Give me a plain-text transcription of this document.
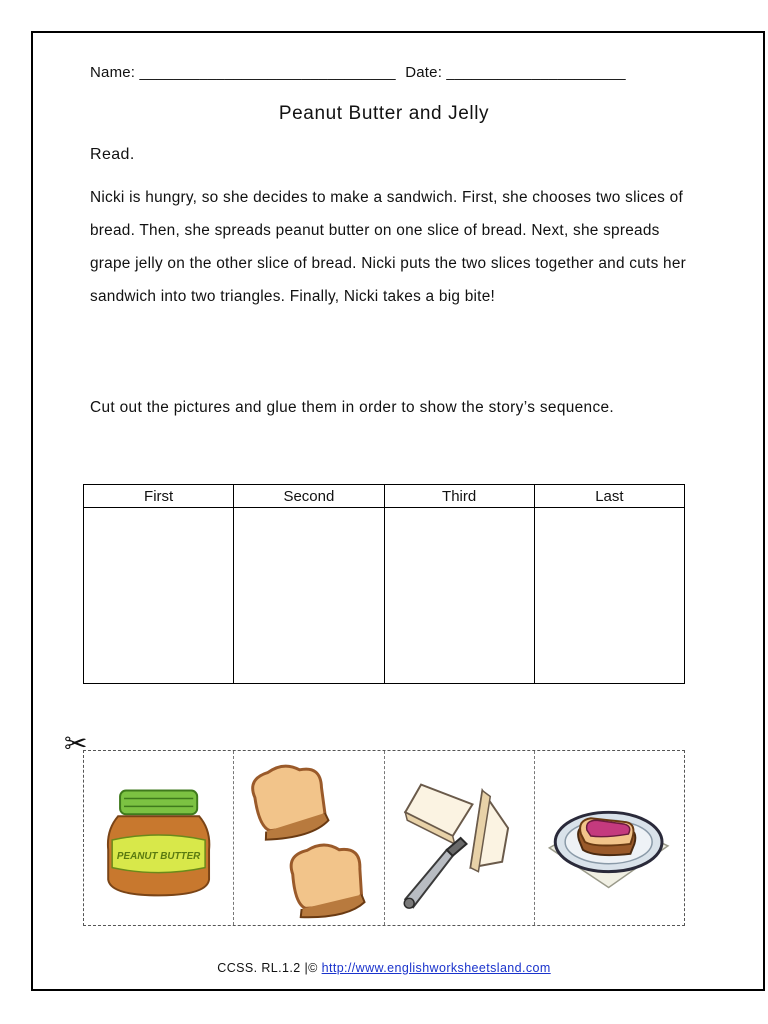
Name: ______________________________ Date: _____________________
Peanut Butter and Jelly
Read.

Nicki is hungry, so she decides to make a sandwich. First, she chooses two slices of bread. Then, she spreads peanut butter on one slice of bread. Next, she spreads grape jelly on the other slice of bread. Nicki puts the two slices together and cuts her sandwich into two triangles. Finally, Nicki takes a big bite!

Cut out the pictures and glue them in order to show the story’s sequence.
First	Second	Third	Last

✂
PEANUT BUTTER
CCSS. RL.1.2 |© http://www.englishworksheetsland.com
